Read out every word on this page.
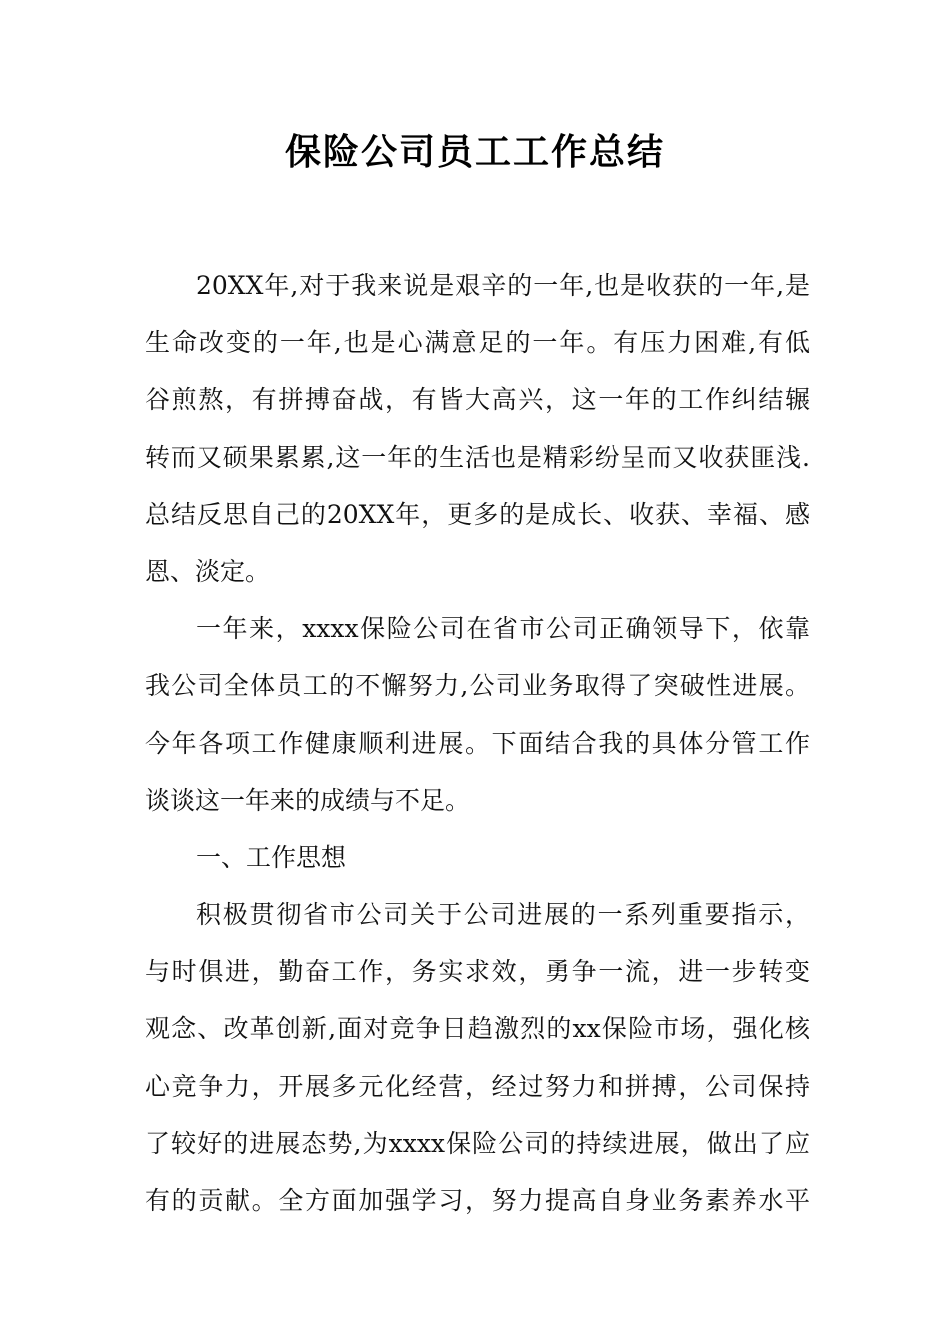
保险公司员工工作总结
20XX年,对于我来说是艰辛的一年,也是收获的一年,是
生命改变的一年,也是心满意足的一年。有压力困难,有低
谷煎熬，有拼搏奋战，有皆大高兴，这一年的工作纠结辗
转而又硕果累累,这一年的生活也是精彩纷呈而又收获匪浅.
总结反思自己的20XX年，更多的是成长、收获、幸福、感
恩、淡定。
一年来，xxxx保险公司在省市公司正确领导下，依靠
我公司全体员工的不懈努力,公司业务取得了突破性进展。
今年各项工作健康顺利进展。下面结合我的具体分管工作
谈谈这一年来的成绩与不足。
一、工作思想
积极贯彻省市公司关于公司进展的一系列重要指示，
与时俱进，勤奋工作，务实求效，勇争一流，进一步转变
观念、改革创新,面对竞争日趋激烈的xx保险市场，强化核
心竞争力，开展多元化经营，经过努力和拼搏，公司保持
了较好的进展态势,为xxxx保险公司的持续进展，做出了应
有的贡献。全方面加强学习，努力提高自身业务素养水平
